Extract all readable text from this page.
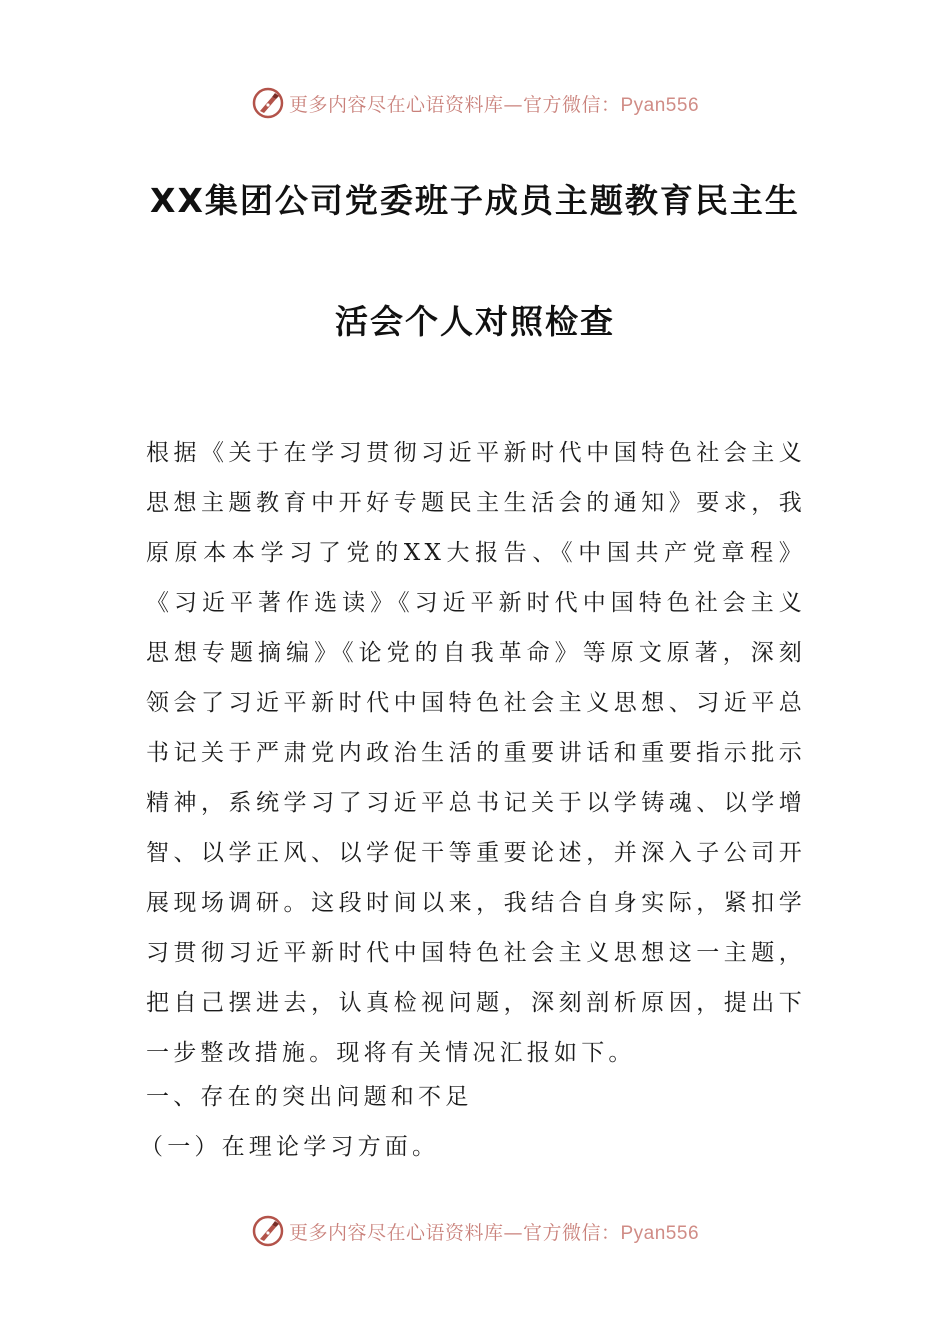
更多内容尽在心语资料库—官方微信：Pyan556
XX集团公司党委班子成员主题教育民主生
活会个人对照检查

根据《关于在学习贯彻习近平新时代中国特色社会主义思想主题教育中开好专题民主生活会的通知》要求，我原原本本学习了党的XX大报告、《中国共产党章程》《习近平著作选读》《习近平新时代中国特色社会主义思想专题摘编》《论党的自我革命》等原文原著，深刻领会了习近平新时代中国特色社会主义思想、习近平总书记关于严肃党内政治生活的重要讲话和重要指示批示精神，系统学习了习近平总书记关于以学铸魂、以学增智、以学正风、以学促干等重要论述，并深入子公司开展现场调研。这段时间以来，我结合自身实际，紧扣学习贯彻习近平新时代中国特色社会主义思想这一主题，把自己摆进去，认真检视问题，深刻剖析原因，提出下一步整改措施。现将有关情况汇报如下。

一、存在的突出问题和不足

（一）在理论学习方面。

更多内容尽在心语资料库—官方微信：Pyan556
